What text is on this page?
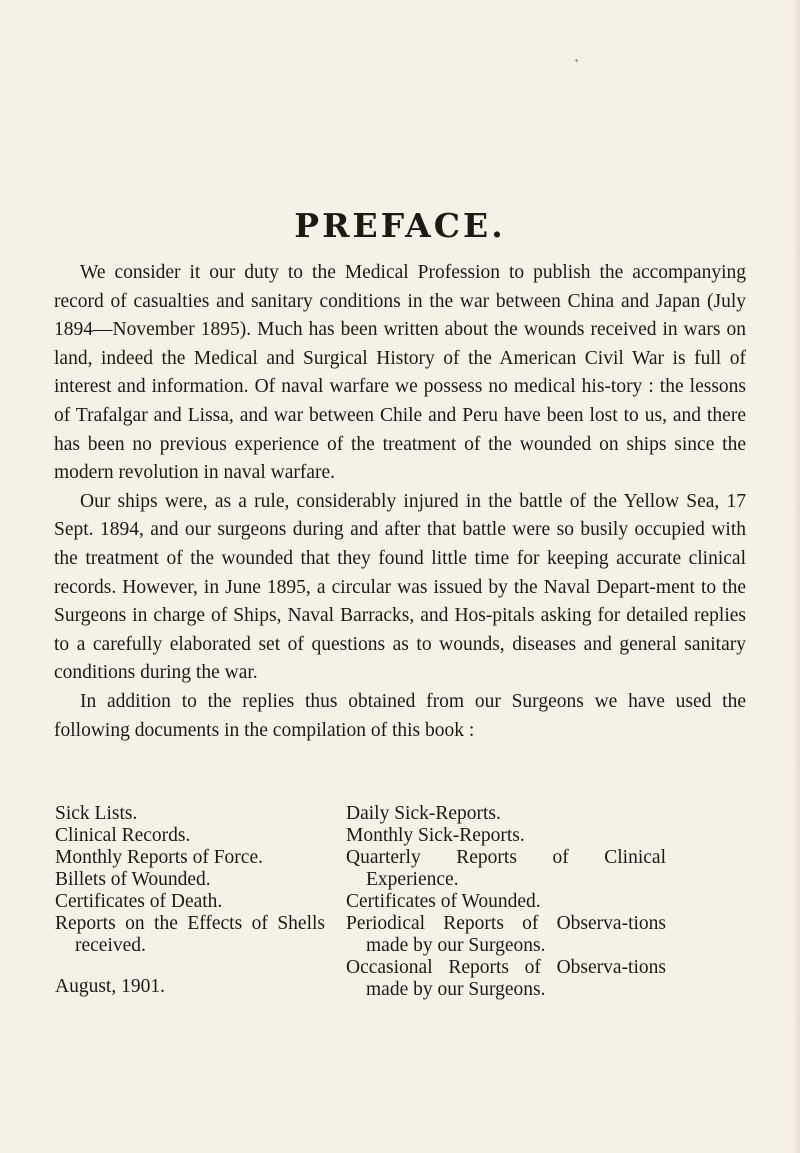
⁺
PREFACE.

We consider it our duty to the Medical Profession to publish the accompanying record of casualties and sanitary conditions in the war between China and Japan (July 1894—November 1895). Much has been written about the wounds received in wars on land, indeed the Medical and Surgical History of the American Civil War is full of interest and information. Of naval warfare we possess no medical his-tory : the lessons of Trafalgar and Lissa, and war between Chile and Peru have been lost to us, and there has been no previous experience of the treatment of the wounded on ships since the modern revolution in naval warfare.

Our ships were, as a rule, considerably injured in the battle of the Yellow Sea, 17 Sept. 1894, and our surgeons during and after that battle were so busily occupied with the treatment of the wounded that they found little time for keeping accurate clinical records. However, in June 1895, a circular was issued by the Naval Depart-ment to the Surgeons in charge of Ships, Naval Barracks, and Hos-pitals asking for detailed replies to a carefully elaborated set of questions as to wounds, diseases and general sanitary conditions during the war.

In addition to the replies thus obtained from our Surgeons we have used the following documents in the compilation of this book :

Sick Lists.
Clinical Records.
Monthly Reports of Force.
Billets of Wounded.
Certificates of Death.
Reports on the Effects of Shells received.
Daily Sick-Reports.
Monthly Sick-Reports.
Quarterly Reports of Clinical Experience.
Certificates of Wounded.
Periodical Reports of Observa-tions made by our Surgeons.
Occasional Reports of Observa-tions made by our Surgeons.
August, 1901.
